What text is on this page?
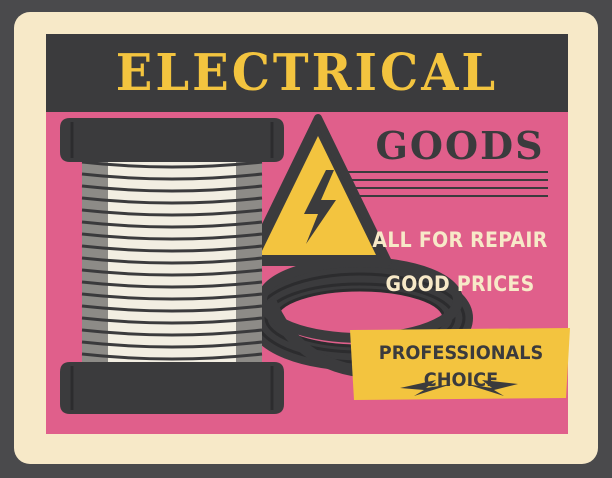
ELECTRICAL
GOODS
ALL FOR REPAIR
GOOD PRICES
PROFESSIONALS
CHOICE
